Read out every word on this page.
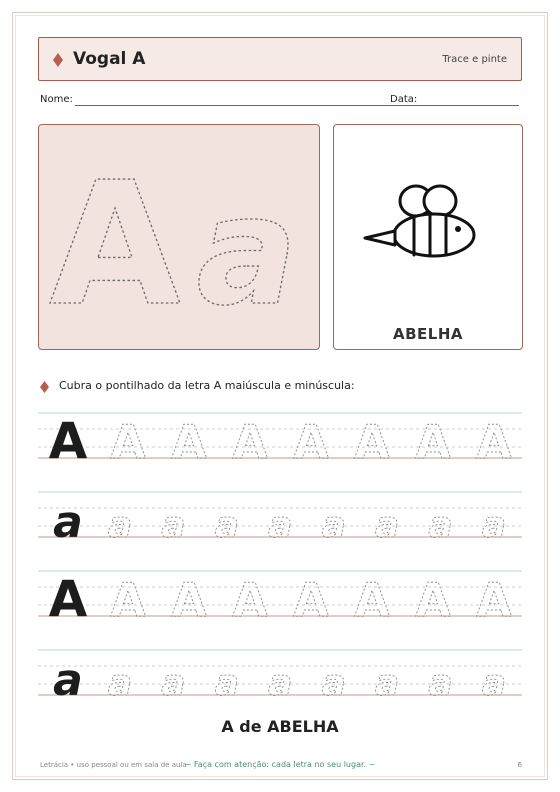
Vogal A	Trace e pinte
Nome:	Data:
A a	ABELHA
Cubra o pontilhado da letra A maiúscula e minúscula:
A A A A A A A A
a a a a a a a a a
A A A A A A A A
a a a a a a a a a
A de ABELHA
Letrácia • uso pessoal ou em sala de aula
~ Faça com atenção: cada letra no seu lugar. ~	6
